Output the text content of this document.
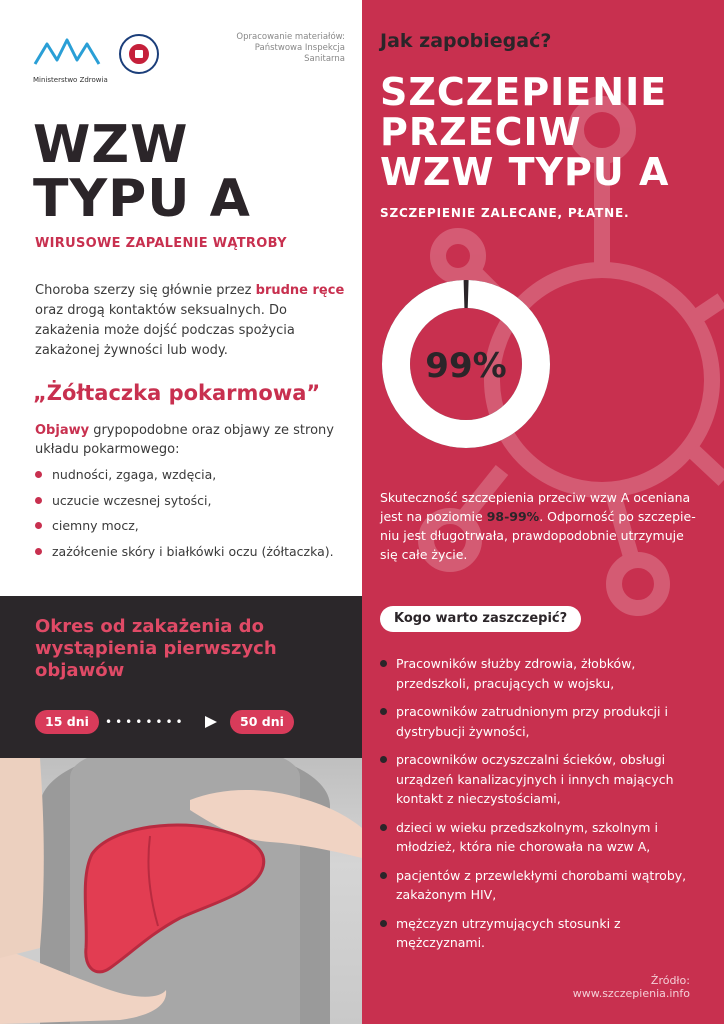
Ministerstwo Zdrowia
Opracowanie materiałów:
Państwowa Inspekcja
Sanitarna
WZW
TYPU A
WIRUSOWE ZAPALENIE WĄTROBY

Choroba szerzy się głównie przez brudne ręce oraz drogą kontaktów seksualnych. Do zakażenia może dojść podczas spożycia zakażonej żywności lub wody.

„Żółtaczka pokarmowa”

Objawy grypopodobne oraz objawy ze strony układu pokarmowego:

nudności, zgaga, wzdęcia,
uczucie wczesnej sytości,
ciemny mocz,
zażółcenie skóry i białkówki oczu (żółtaczka).
Okres od zakażenia do wystąpienia pierwszych objawów
15 dni	••••••••	50 dni
Jak zapobiegać?
SZCZEPIENIE
PRZECIW
WZW TYPU A
SZCZEPIENIE ZALECANE, PŁATNE.
99%

Skuteczność szczepienia przeciw wzw A oceniana jest na poziomie 98-99%. Odporność po szczepie-niu jest długotrwała, prawdopodobnie utrzymuje się całe życie.

Kogo warto zaszczepić?
Pracowników służby zdrowia, żłobków, przedszkoli, pracujących w wojsku,
pracowników zatrudnionym przy produkcji i dystrybucji żywności,
pracowników oczyszczalni ścieków, obsługi urządzeń kanalizacyjnych i innych mających kontakt z nieczystościami,
dzieci w wieku przedszkolnym, szkolnym i młodzież, która nie chorowała na wzw A,
pacjentów z przewlekłymi chorobami wątroby, zakażonym HIV,
mężczyzn utrzymujących stosunki z mężczyznami.
Źródło: www.szczepienia.info
